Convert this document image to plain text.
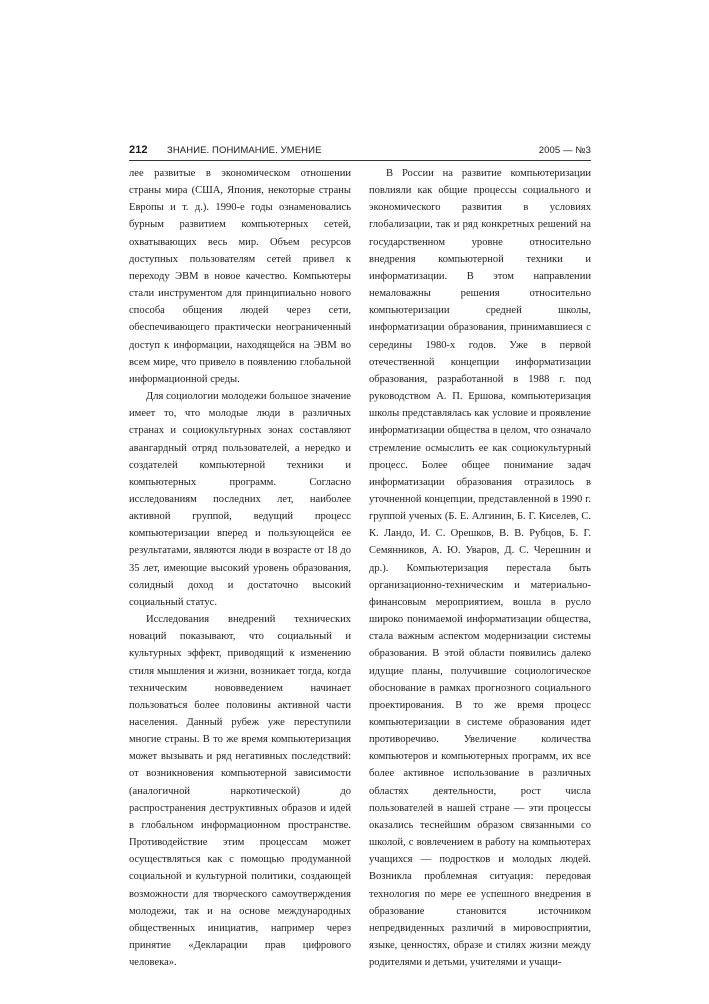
212 ЗНАНИЕ. ПОНИМАНИЕ. УМЕНИЕ	2005 — №3

лее развитые в экономическом отношении страны мира (США, Япония, некоторые страны Европы и т. д.). 1990-е годы ознаменовались бурным развитием компьютерных сетей, охватывающих весь мир. Объем ресурсов доступных пользователям сетей привел к переходу ЭВМ в новое качество. Компьютеры стали инструментом для принципиально нового способа общения людей через сети, обеспечивающего практически неограниченный доступ к информации, находящейся на ЭВМ во всем мире, что привело в появлению глобальной информационной среды.

Для социологии молодежи большое значение имеет то, что молодые люди в различных странах и социокультурных зонах составляют авангардный отряд пользователей, а нередко и создателей компьютерной техники и компьютерных программ. Согласно исследованиям последних лет, наиболее активной группой, ведущий процесс компьютеризации вперед и пользующейся ее результатами, являются люди в возрасте от 18 до 35 лет, имеющие высокий уровень образования, солидный доход и достаточно высокий социальный статус.

Исследования внедрений технических новаций показывают, что социальный и культурных эффект, приводящий к изменению стиля мышления и жизни, возникает тогда, когда техническим нововведением начинает пользоваться более половины активной части населения. Данный рубеж уже переступили многие страны. В то же время компьютеризация может вызывать и ряд негативных последствий: от возникновения компьютерной зависимости (аналогичной наркотической) до распространения деструктивных образов и идей в глобальном информационном пространстве. Противодействие этим процессам может осуществляться как с помощью продуманной социальной и культурной политики, создающей возможности для творческого самоутверждения молодежи, так и на основе международных общественных инициатив, например через принятие «Декларации прав цифрового человека».

В России на развитие компьютеризации повлияли как общие процессы социального и экономического развития в условиях глобализации, так и ряд конкретных решений на государственном уровне относительно внедрения компьютерной техники и информатизации. В этом направлении немаловажны решения относительно компьютеризации средней школы, информатизации образования, принимавшиеся с середины 1980-х годов. Уже в первой отечественной концепции информатизации образования, разработанной в 1988 г. под руководством А. П. Ершова, компьютеризация школы представлялась как условие и проявление информатизации общества в целом, что означало стремление осмыслить ее как социокультурный процесс. Более общее понимание задач информатизации образования отразилось в уточненной концепции, представленной в 1990 г. группой ученых (Б. Е. Алгинин, Б. Г. Киселев, С. К. Ландо, И. С. Орешков, В. В. Рубцов, Б. Г. Семянников, А. Ю. Уваров, Д. С. Черешнин и др.). Компьютеризация перестала быть организационно-техническим и материально-финансовым мероприятием, вошла в русло широко понимаемой информатизации общества, стала важным аспектом модернизации системы образования. В этой области появились далеко идущие планы, получившие социологическое обоснование в рамках прогнозного социального проектирования. В то же время процесс компьютеризации в системе образования идет противоречиво. Увеличение количества компьютеров и компьютерных программ, их все более активное использование в различных областях деятельности, рост числа пользователей в нашей стране — эти процессы оказались теснейшим образом связанными со школой, с вовлечением в работу на компьютерах учащихся — подростков и молодых людей. Возникла проблемная ситуация: передовая технология по мере ее успешного внедрения в образование становится источником непредвиденных различий в мировосприятии, языке, ценностях, образе и стилях жизни между родителями и детьми, учителями и учащи-
